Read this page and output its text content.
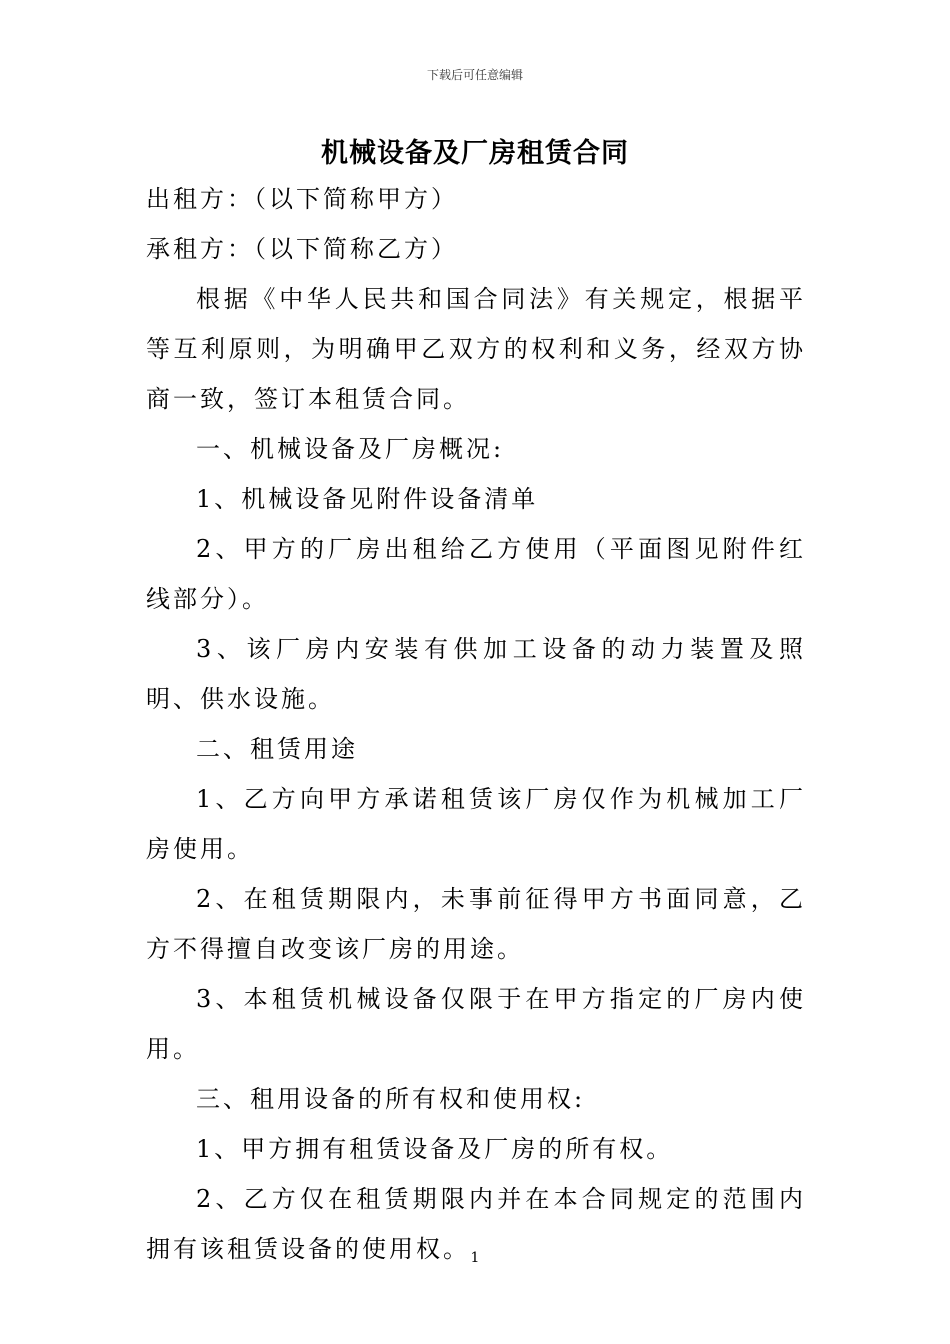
下载后可任意编辑
机械设备及厂房租赁合同

出租方：（以下简称甲方）

承租方：（以下简称乙方）

根据《中华人民共和国合同法》有关规定，根据平等互利原则，为明确甲乙双方的权利和义务，经双方协商一致，签订本租赁合同。

一、机械设备及厂房概况:

1、机械设备见附件设备清单

2、甲方的厂房出租给乙方使用（平面图见附件红线部分）。

3、该厂房内安装有供加工设备的动力装置及照明、供水设施。

二、租赁用途

1、乙方向甲方承诺租赁该厂房仅作为机械加工厂房使用。

2、在租赁期限内，未事前征得甲方书面同意，乙方不得擅自改变该厂房的用途。

3、本租赁机械设备仅限于在甲方指定的厂房内使用。

三、租用设备的所有权和使用权:

1、甲方拥有租赁设备及厂房的所有权。

2、乙方仅在租赁期限内并在本合同规定的范围内拥有该租赁设备的使用权。 1
